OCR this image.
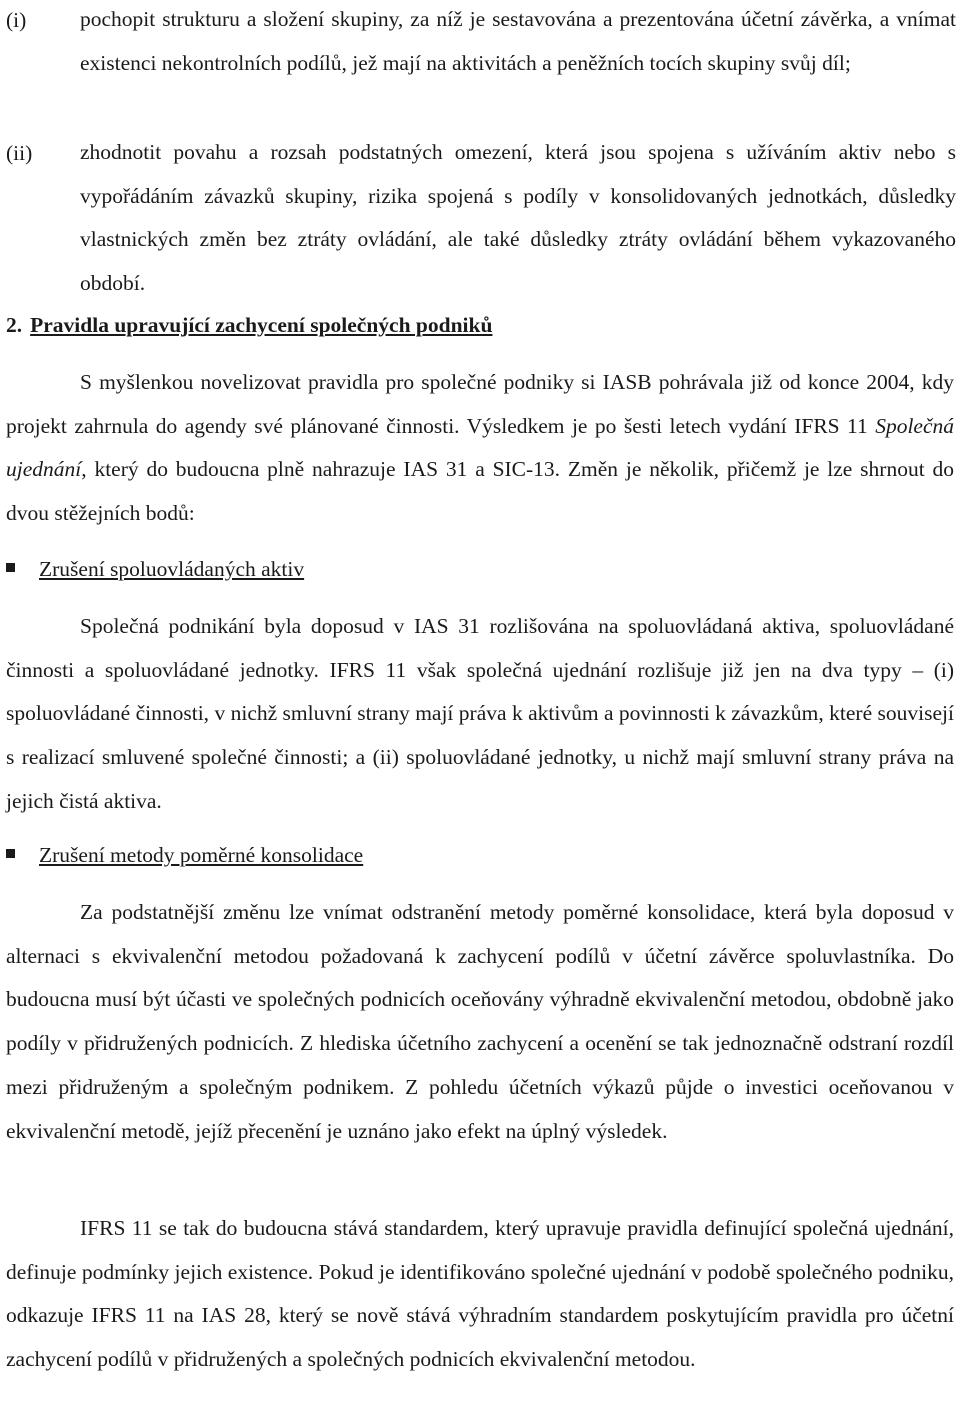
(i) pochopit strukturu a složení skupiny, za níž je sestavována a prezentována účetní závěrka, a vnímat existenci nekontrolních podílů, jež mají na aktivitách a peněžních tocích skupiny svůj díl;
(ii) zhodnotit povahu a rozsah podstatných omezení, která jsou spojena s užíváním aktiv nebo s vypořádáním závazků skupiny, rizika spojená s podíly v konsolidovaných jednotkách, důsledky vlastnických změn bez ztráty ovládání, ale také důsledky ztráty ovládání během vykazovaného období.
2. Pravidla upravující zachycení společných podniků
S myšlenkou novelizovat pravidla pro společné podniky si IASB pohrávala již od konce 2004, kdy projekt zahrnula do agendy své plánované činnosti. Výsledkem je po šesti letech vydání IFRS 11 Společná ujednání, který do budoucna plně nahrazuje IAS 31 a SIC-13. Změn je několik, přičemž je lze shrnout do dvou stěžejních bodů:
Zrušení spoluovládaných aktiv
Společná podnikání byla doposud v IAS 31 rozlišována na spoluovládaná aktiva, spoluovládané činnosti a spoluovládané jednotky. IFRS 11 však společná ujednání rozlišuje již jen na dva typy – (i) spoluovládané činnosti, v nichž smluvní strany mají práva k aktivům a povinnosti k závazkům, které souvisejí s realizací smluvené společné činnosti; a (ii) spoluovládané jednotky, u nichž mají smluvní strany práva na jejich čistá aktiva.
Zrušení metody poměrné konsolidace
Za podstatnější změnu lze vnímat odstranění metody poměrné konsolidace, která byla doposud v alternaci s ekvivalenční metodou požadovaná k zachycení podílů v účetní závěrce spoluvlastníka. Do budoucna musí být účasti ve společných podnicích oceňovány výhradně ekvivalenční metodou, obdobně jako podíly v přidružených podnicích. Z hlediska účetního zachycení a ocenění se tak jednoznačně odstraní rozdíl mezi přidruženým a společným podnikem. Z pohledu účetních výkazů půjde o investici oceňovanou v ekvivalenční metodě, jejíž přecenění je uznáno jako efekt na úplný výsledek.
IFRS 11 se tak do budoucna stává standardem, který upravuje pravidla definující společná ujednání, definuje podmínky jejich existence. Pokud je identifikováno společné ujednání v podobě společného podniku, odkazuje IFRS 11 na IAS 28, který se nově stává výhradním standardem poskytujícím pravidla pro účetní zachycení podílů v přidružených a společných podnicích ekvivalenční metodou.
